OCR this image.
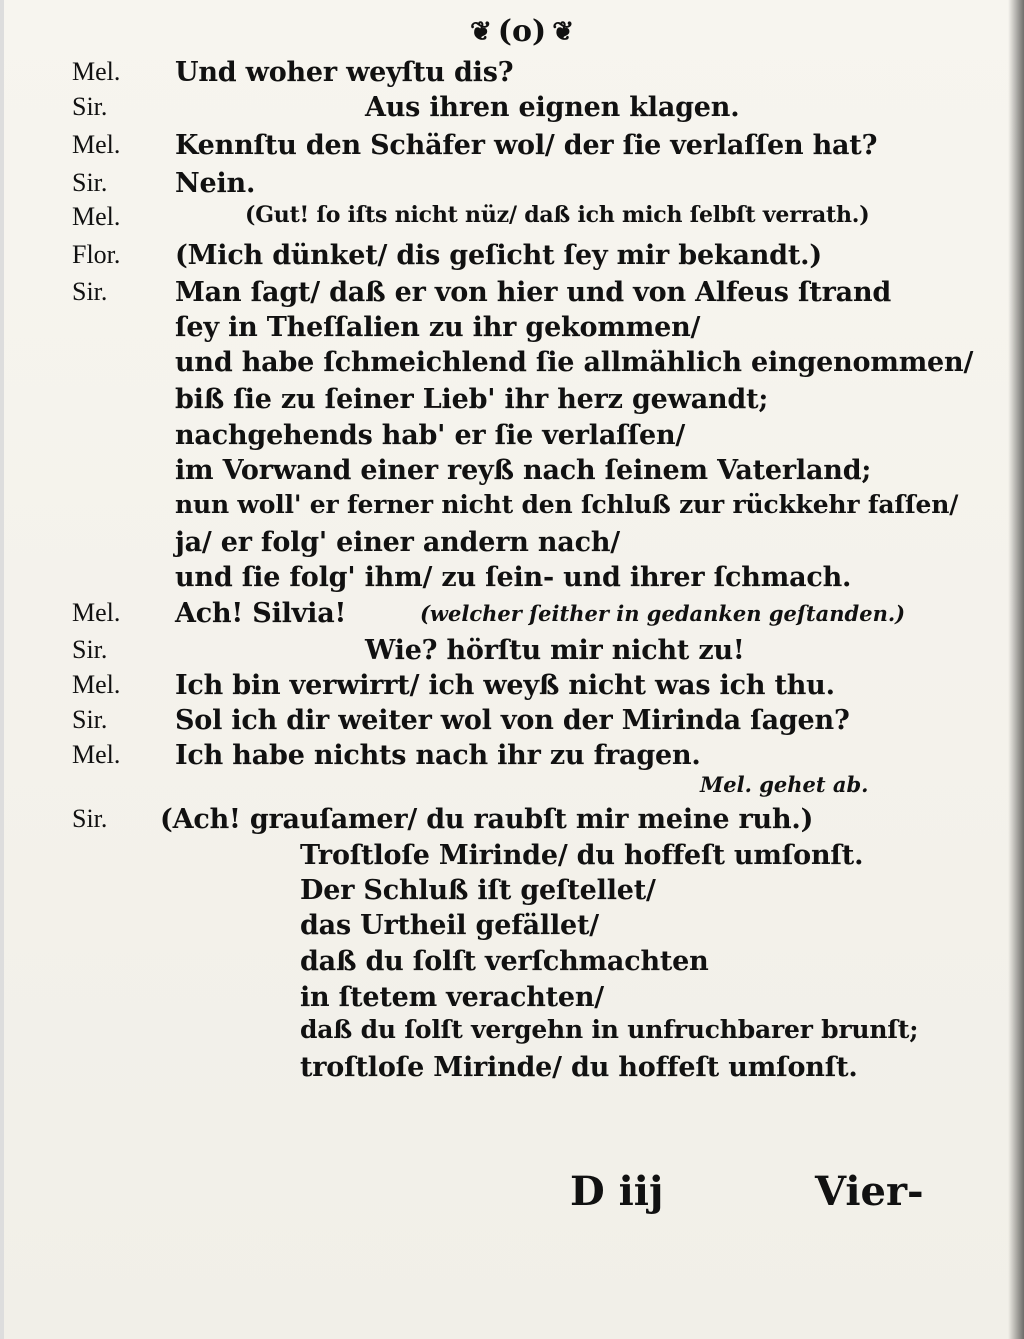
❦ (o) ❦
Mel. Und woher weyſtu dis?
Sir.	Aus ihren eignen klagen.
Mel. Kennſtu den Schäfer wol/ der ſie verlaſſen hat?
Sir.	Nein.
Mel.	(Gut! ſo iſts nicht nüz/ daß ich mich ſelbſt verrath.)
Flor. (Mich dünket/ dis geſicht ſey mir bekandt.)
Sir.	Man ſagt/ daß er von hier und von Alfeus ſtrand
ſey in Theſſalien zu ihr gekommen/
und habe ſchmeichlend ſie allmählich eingenommen/
biß ſie zu ſeiner Lieb' ihr herz gewandt;
nachgehends hab' er ſie verlaſſen/
im Vorwand einer reyß nach ſeinem Vaterland;
nun woll' er ferner nicht den ſchluß zur rückkehr faſſen/
ja/ er folg' einer andern nach/
und ſie folg' ihm/ zu ſein- und ihrer ſchmach.
Mel. Ach! Silvia!	(welcher ſeither in gedanken geſtanden.)
Sir.	Wie? hörſtu mir nicht zu!
Mel. Ich bin verwirrt/ ich weyß nicht was ich thu.
Sir.	Sol ich dir weiter wol von der Mirinda ſagen?
Mel. Ich habe nichts nach ihr zu fragen.
Mel. gehet ab.
Sir. (Ach! grauſamer/ du raubſt mir meine ruh.)
Troſtloſe Mirinde/ du hoffeſt umſonſt.
Der Schluß iſt geſtellet/
das Urtheil gefället/
daß du ſolſt verſchmachten
in ſtetem verachten/
daß du ſolſt vergehn in unfruchbarer brunſt;
troſtloſe Mirinde/ du hoffeſt umſonſt.
D iij	Vier-
